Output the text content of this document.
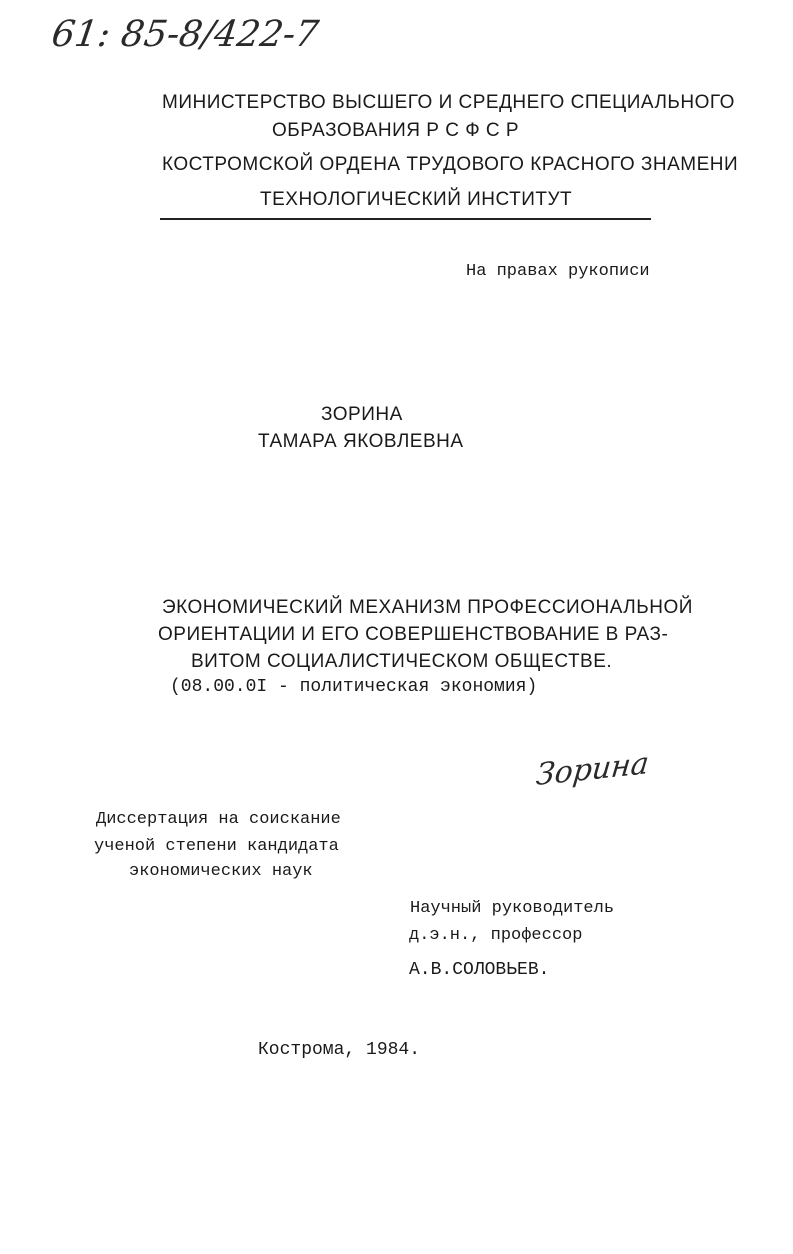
61: 85-8/422-7
МИНИСТЕРСТВО ВЫСШЕГО И СРЕДНЕГО СПЕЦИАЛЬНОГО
ОБРАЗОВАНИЯ Р С Ф С Р
КОСТРОМСКОЙ ОРДЕНА ТРУДОВОГО КРАСНОГО ЗНАМЕНИ
ТЕХНОЛОГИЧЕСКИЙ ИНСТИТУТ
На правах рукописи
ЗОРИНА
ТАМАРА ЯКОВЛЕВНА
ЭКОНОМИЧЕСКИЙ МЕХАНИЗМ ПРОФЕССИОНАЛЬНОЙ
ОРИЕНТАЦИИ И ЕГО СОВЕРШЕНСТВОВАНИЕ В РАЗ-
ВИТОМ СОЦИАЛИСТИЧЕСКОМ ОБЩЕСТВЕ.
(08.00.0I - политическая экономия)
Зорина
Диссертация на соискание
ученой степени кандидата
экономических наук
Научный руководитель
д.э.н., профессор
А.В.СОЛОВЬЕВ.
Кострома, 1984.
